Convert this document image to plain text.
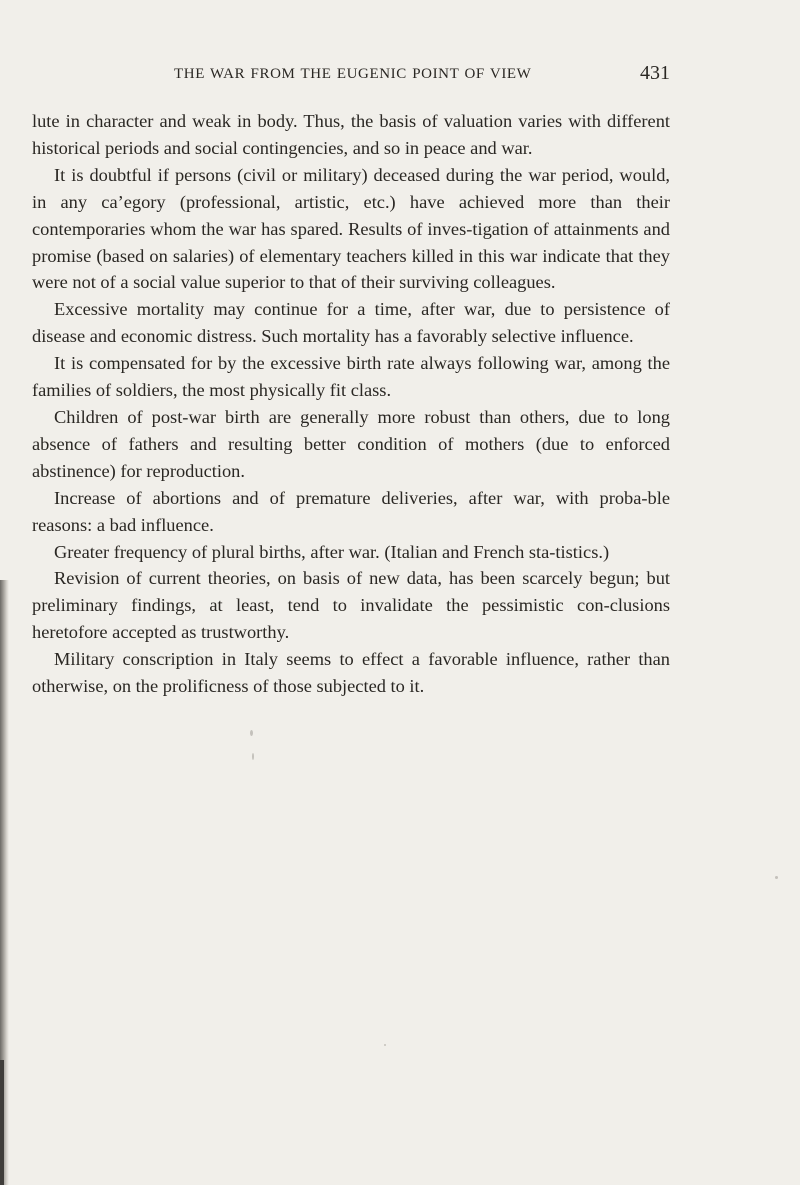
THE WAR FROM THE EUGENIC POINT OF VIEW	431

lute in character and weak in body. Thus, the basis of valuation varies with different historical periods and social contingencies, and so in peace and war.

It is doubtful if persons (civil or military) deceased during the war period, would, in any ca’egory (professional, artistic, etc.) have achieved more than their contemporaries whom the war has spared. Results of inves-tigation of attainments and promise (based on salaries) of elementary teachers killed in this war indicate that they were not of a social value superior to that of their surviving colleagues.

Excessive mortality may continue for a time, after war, due to persistence of disease and economic distress. Such mortality has a favorably selective influence.

It is compensated for by the excessive birth rate always following war, among the families of soldiers, the most physically fit class.

Children of post-war birth are generally more robust than others, due to long absence of fathers and resulting better condition of mothers (due to enforced abstinence) for reproduction.

Increase of abortions and of premature deliveries, after war, with proba-ble reasons: a bad influence.

Greater frequency of plural births, after war. (Italian and French sta-tistics.)

Revision of current theories, on basis of new data, has been scarcely begun; but preliminary findings, at least, tend to invalidate the pessimistic con-clusions heretofore accepted as trustworthy.

Military conscription in Italy seems to effect a favorable influence, rather than otherwise, on the prolificness of those subjected to it.
